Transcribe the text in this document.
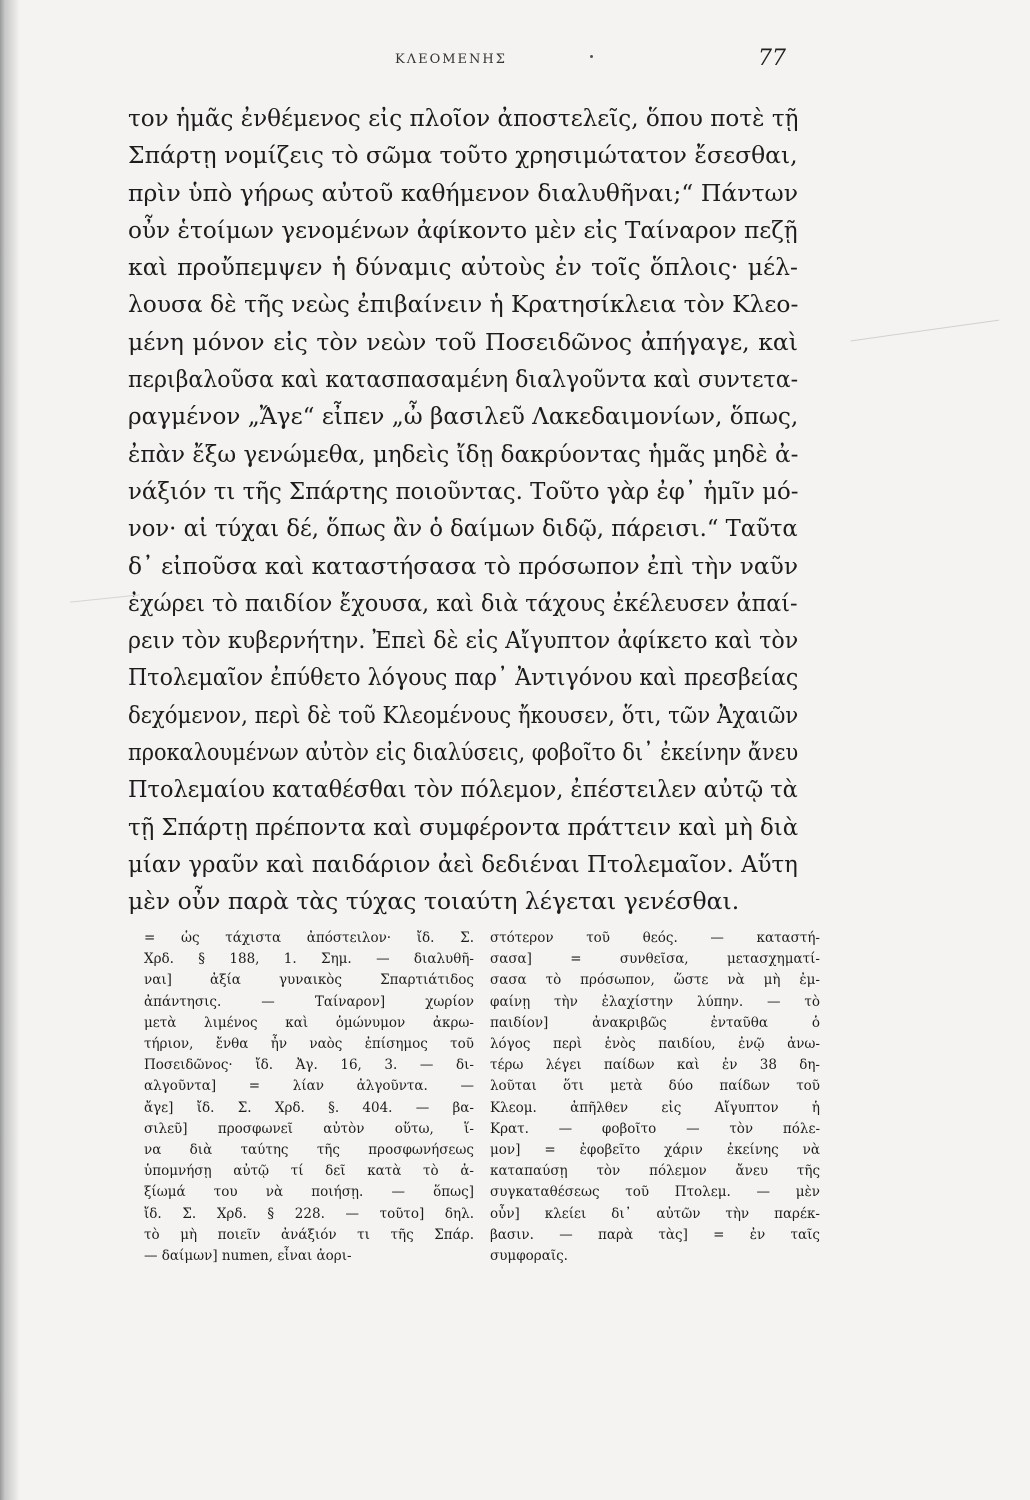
ΚΛΕΟΜΕΝΗΣ	77
τον ἡμᾶς ἐνθέμενος εἰς πλοῖον ἀποστελεῖς, ὅπου ποτὲ τῇ
Σπάρτῃ νομίζεις τὸ σῶμα τοῦτο χρησιμώτατον ἔσεσθαι,
πρὶν ὑπὸ γήρως αὐτοῦ καθήμενον διαλυθῆναι;“ Πάντων
οὖν ἑτοίμων γενομένων ἀφίκοντο μὲν εἰς Ταίναρον πεζῇ
καὶ προὔπεμψεν ἡ δύναμις αὐτοὺς ἐν τοῖς ὅπλοις· μέλ-
λουσα δὲ τῆς νεὼς ἐπιβαίνειν ἡ Κρατησίκλεια τὸν Κλεο-
μένη μόνον εἰς τὸν νεὼν τοῦ Ποσειδῶνος ἀπήγαγε, καὶ
περιβαλοῦσα καὶ κατασπασαμένη διαλγοῦντα καὶ συντετα-
ραγμένον „Ἄγε“ εἶπεν „ὦ βασιλεῦ Λακεδαιμονίων, ὅπως,
ἐπὰν ἔξω γενώμεθα, μηδεὶς ἴδῃ δακρύοντας ἡμᾶς μηδὲ ἀ-
νάξιόν τι τῆς Σπάρτης ποιοῦντας. Τοῦτο γὰρ ἐφ᾽ ἡμῖν μό-
νον· αἱ τύχαι δέ, ὅπως ἂν ὁ δαίμων διδῷ, πάρεισι.“ Ταῦτα
δ᾽ εἰποῦσα καὶ καταστήσασα τὸ πρόσωπον ἐπὶ τὴν ναῦν
ἐχώρει τὸ παιδίον ἔχουσα, καὶ διὰ τάχους ἐκέλευσεν ἀπαί-
ρειν τὸν κυβερνήτην. Ἐπεὶ δὲ εἰς Αἴγυπτον ἀφίκετο καὶ τὸν
Πτολεμαῖον ἐπύθετο λόγους παρ᾽ Ἀντιγόνου καὶ πρεσβείας
δεχόμενον, περὶ δὲ τοῦ Κλεομένους ἤκουσεν, ὅτι, τῶν Ἀχαιῶν
προκαλουμένων αὐτὸν εἰς διαλύσεις, φοβοῖτο δι᾽ ἐκείνην ἄνευ
Πτολεμαίου καταθέσθαι τὸν πόλεμον, ἐπέστειλεν αὐτῷ τὰ
τῇ Σπάρτῃ πρέποντα καὶ συμφέροντα πράττειν καὶ μὴ διὰ
μίαν γραῦν καὶ παιδάριον ἀεὶ δεδιέναι Πτολεμαῖον. Αὕτη
μὲν οὖν παρὰ τὰς τύχας τοιαύτη λέγεται γενέσθαι.
= ὡς τάχιστα ἀπόστειλον· ἴδ. Σ.
Χρδ. § 188, 1. Σημ. — διαλυθῆ-
ναι] ἀξία γυναικὸς Σπαρτιάτιδος
ἀπάντησις. — Ταίναρον] χωρίον
μετὰ λιμένος καὶ ὁμώνυμον ἀκρω-
τήριον, ἔνθα ἦν ναὸς ἐπίσημος τοῦ
Ποσειδῶνος· ἴδ. Ἀγ. 16, 3. — δι-
αλγοῦντα] = λίαν ἀλγοῦντα. —
ἄγε] ἴδ. Σ. Χρδ. §. 404. — βα-
σιλεῦ] προσφωνεῖ αὐτὸν οὕτω, ἵ-
να διὰ ταύτης τῆς προσφωνήσεως
ὑπομνήσῃ αὐτῷ τί δεῖ κατὰ τὸ ἀ-
ξίωμά του νὰ ποιήσῃ. — ὅπως]
ἴδ. Σ. Χρδ. § 228. — τοῦτο] δηλ.
τὸ μὴ ποιεῖν ἀνάξιόν τι τῆς Σπάρ.
— δαίμων] numen, εἶναι ἀορι-
στότερον τοῦ θεός. — καταστή-
σασα] = συνθεῖσα, μετασχηματί-
σασα τὸ πρόσωπον, ὥστε νὰ μὴ ἐμ-
φαίνῃ τὴν ἐλαχίστην λύπην. — τὸ
παιδίον] ἀνακριβῶς ἐνταῦθα ὁ
λόγος περὶ ἑνὸς παιδίου, ἐνῷ ἀνω-
τέρω λέγει παίδων καὶ ἐν 38 δη-
λοῦται ὅτι μετὰ δύο παίδων τοῦ
Κλεομ. ἀπῆλθεν εἰς Αἴγυπτον ἡ
Κρατ. — φοβοῖτο — τὸν πόλε-
μον] = ἐφοβεῖτο χάριν ἐκείνης νὰ
καταπαύσῃ τὸν πόλεμον ἄνευ τῆς
συγκαταθέσεως τοῦ Πτολεμ. — μὲν
οὖν] κλείει δι᾽ αὐτῶν τὴν παρέκ-
βασιν. — παρὰ τὰς] = ἐν ταῖς
συμφοραῖς.
